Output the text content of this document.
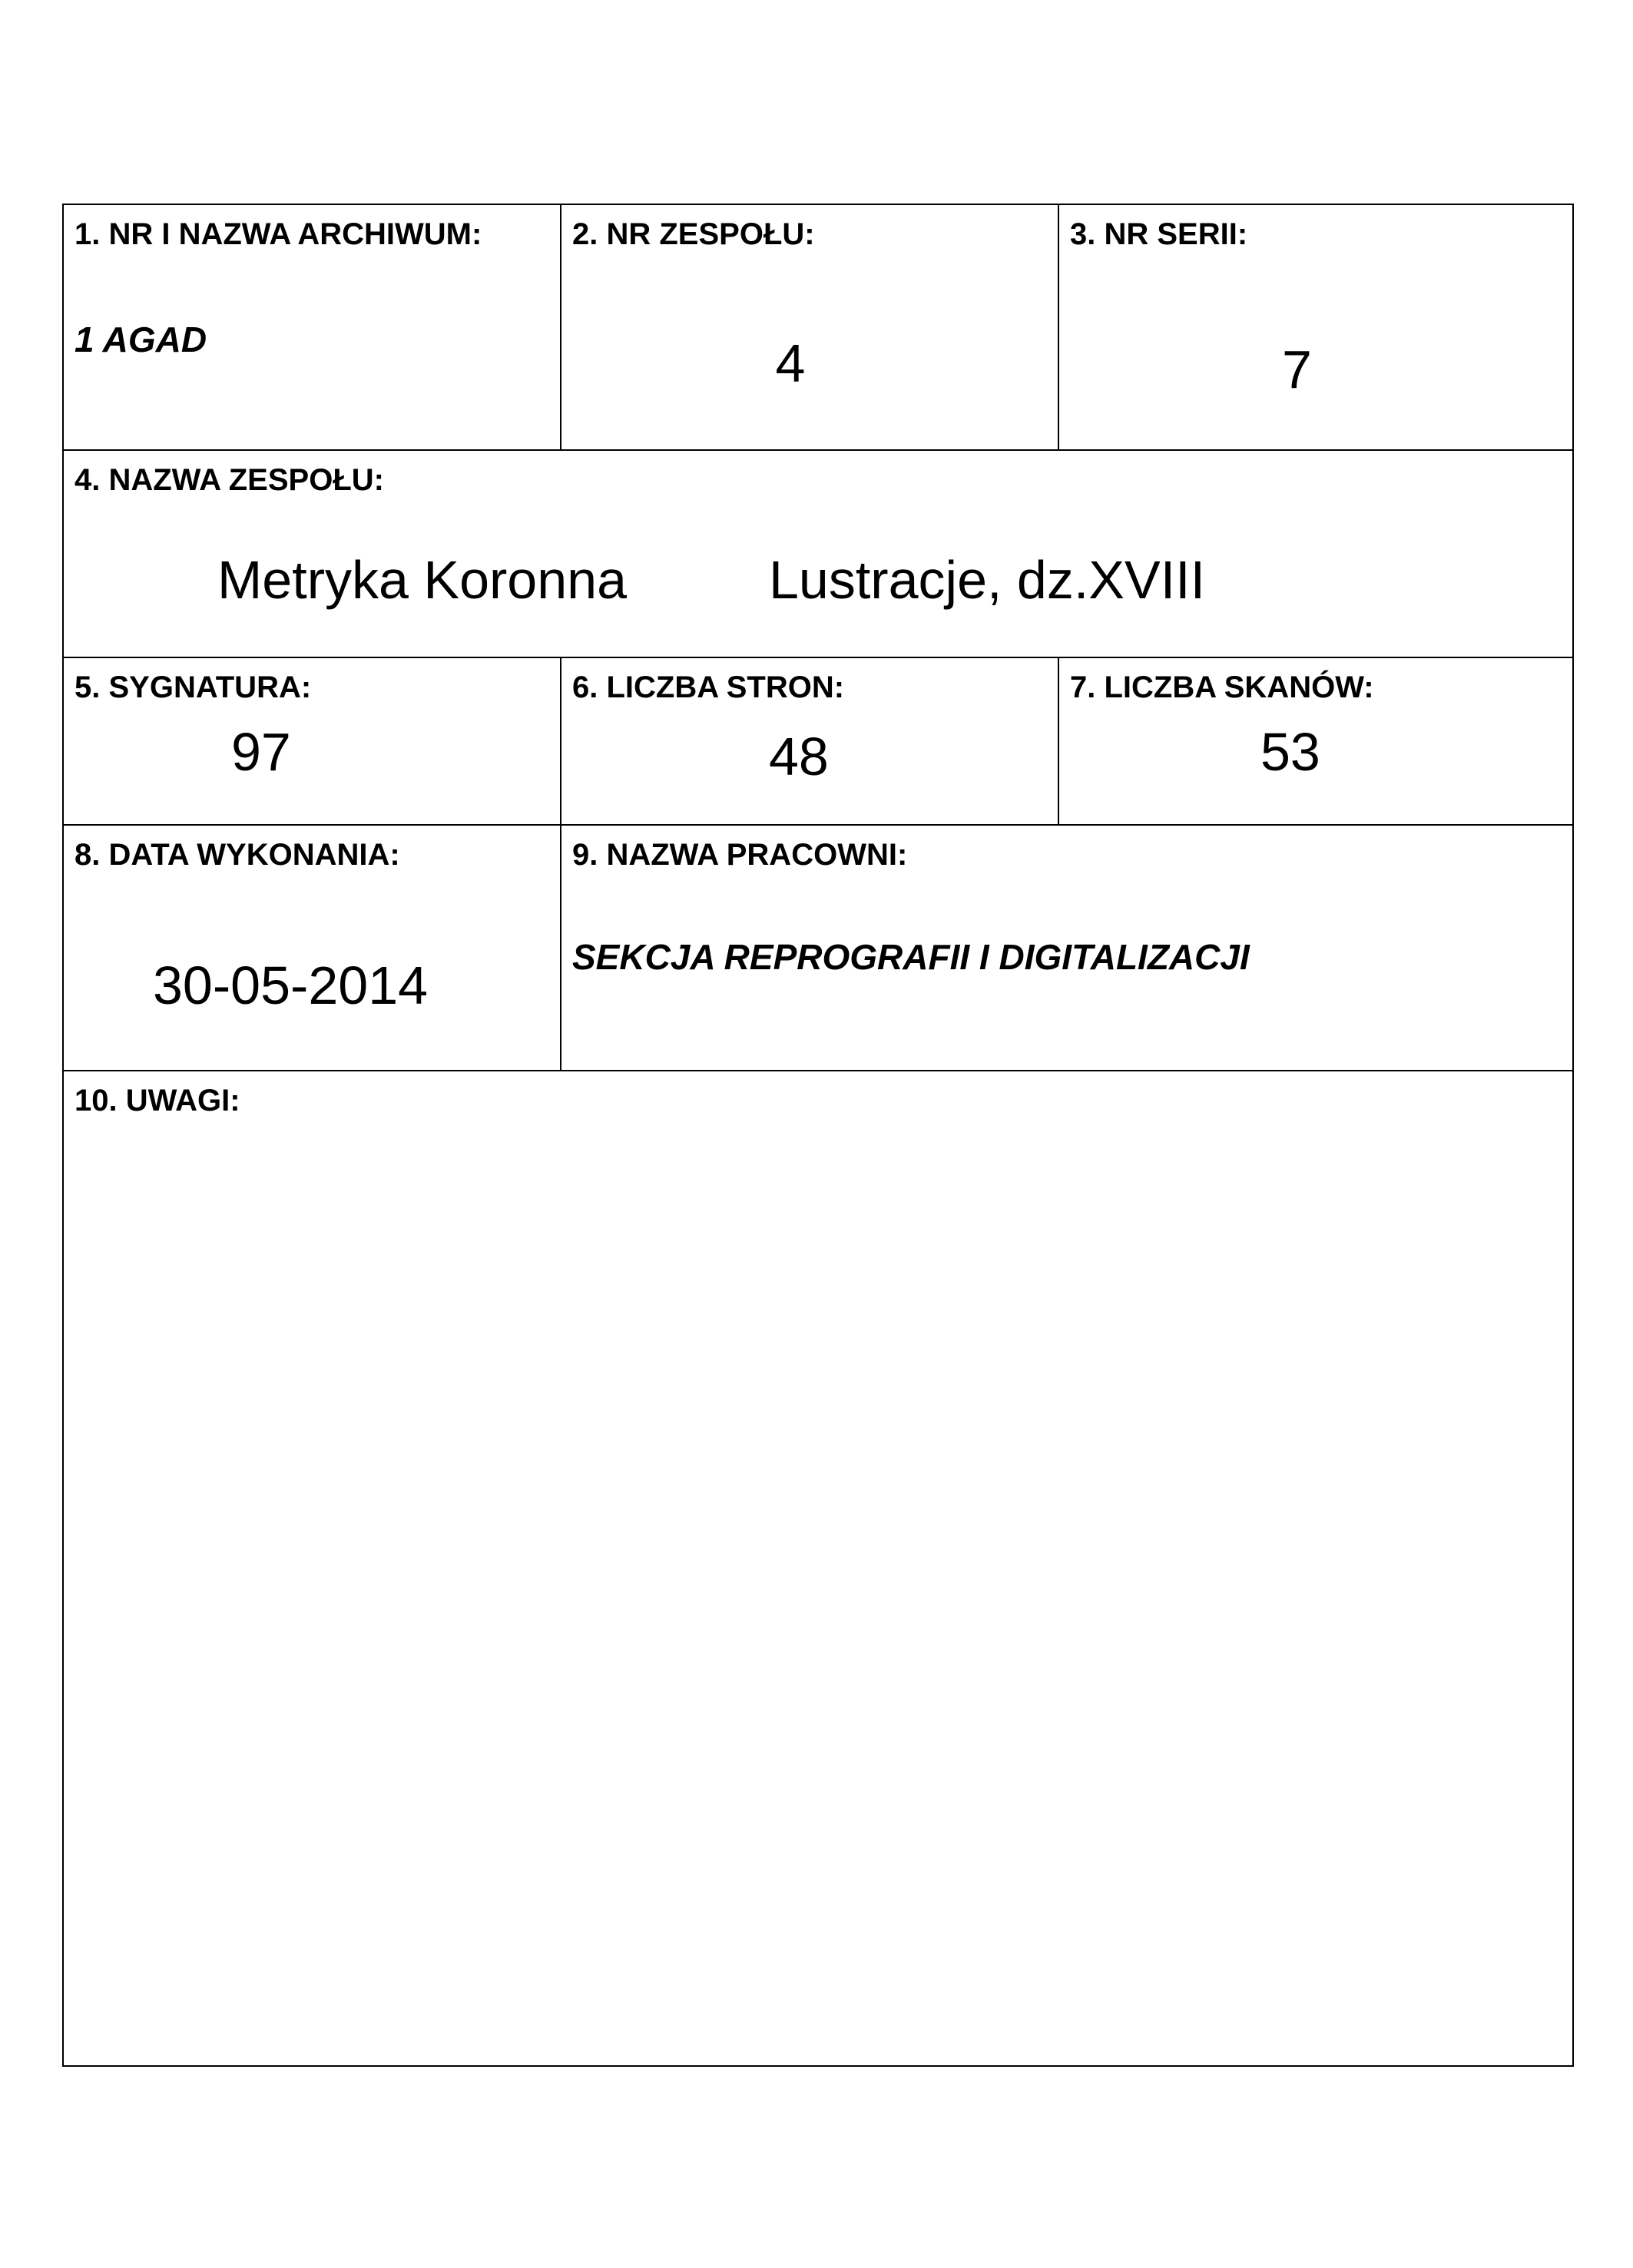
1. NR I NAZWA ARCHIWUM:
1 AGAD
2. NR ZESPOŁU:
4
3. NR SERII:
7
4. NAZWA ZESPOŁU:
Metryka Koronna	Lustracje, dz.XVIII
5. SYGNATURA:
97
6. LICZBA STRON:
48
7. LICZBA SKANÓW:
53
8. DATA WYKONANIA:
30-05-2014
9. NAZWA PRACOWNI:
SEKCJA REPROGRAFII I DIGITALIZACJI
10. UWAGI:
